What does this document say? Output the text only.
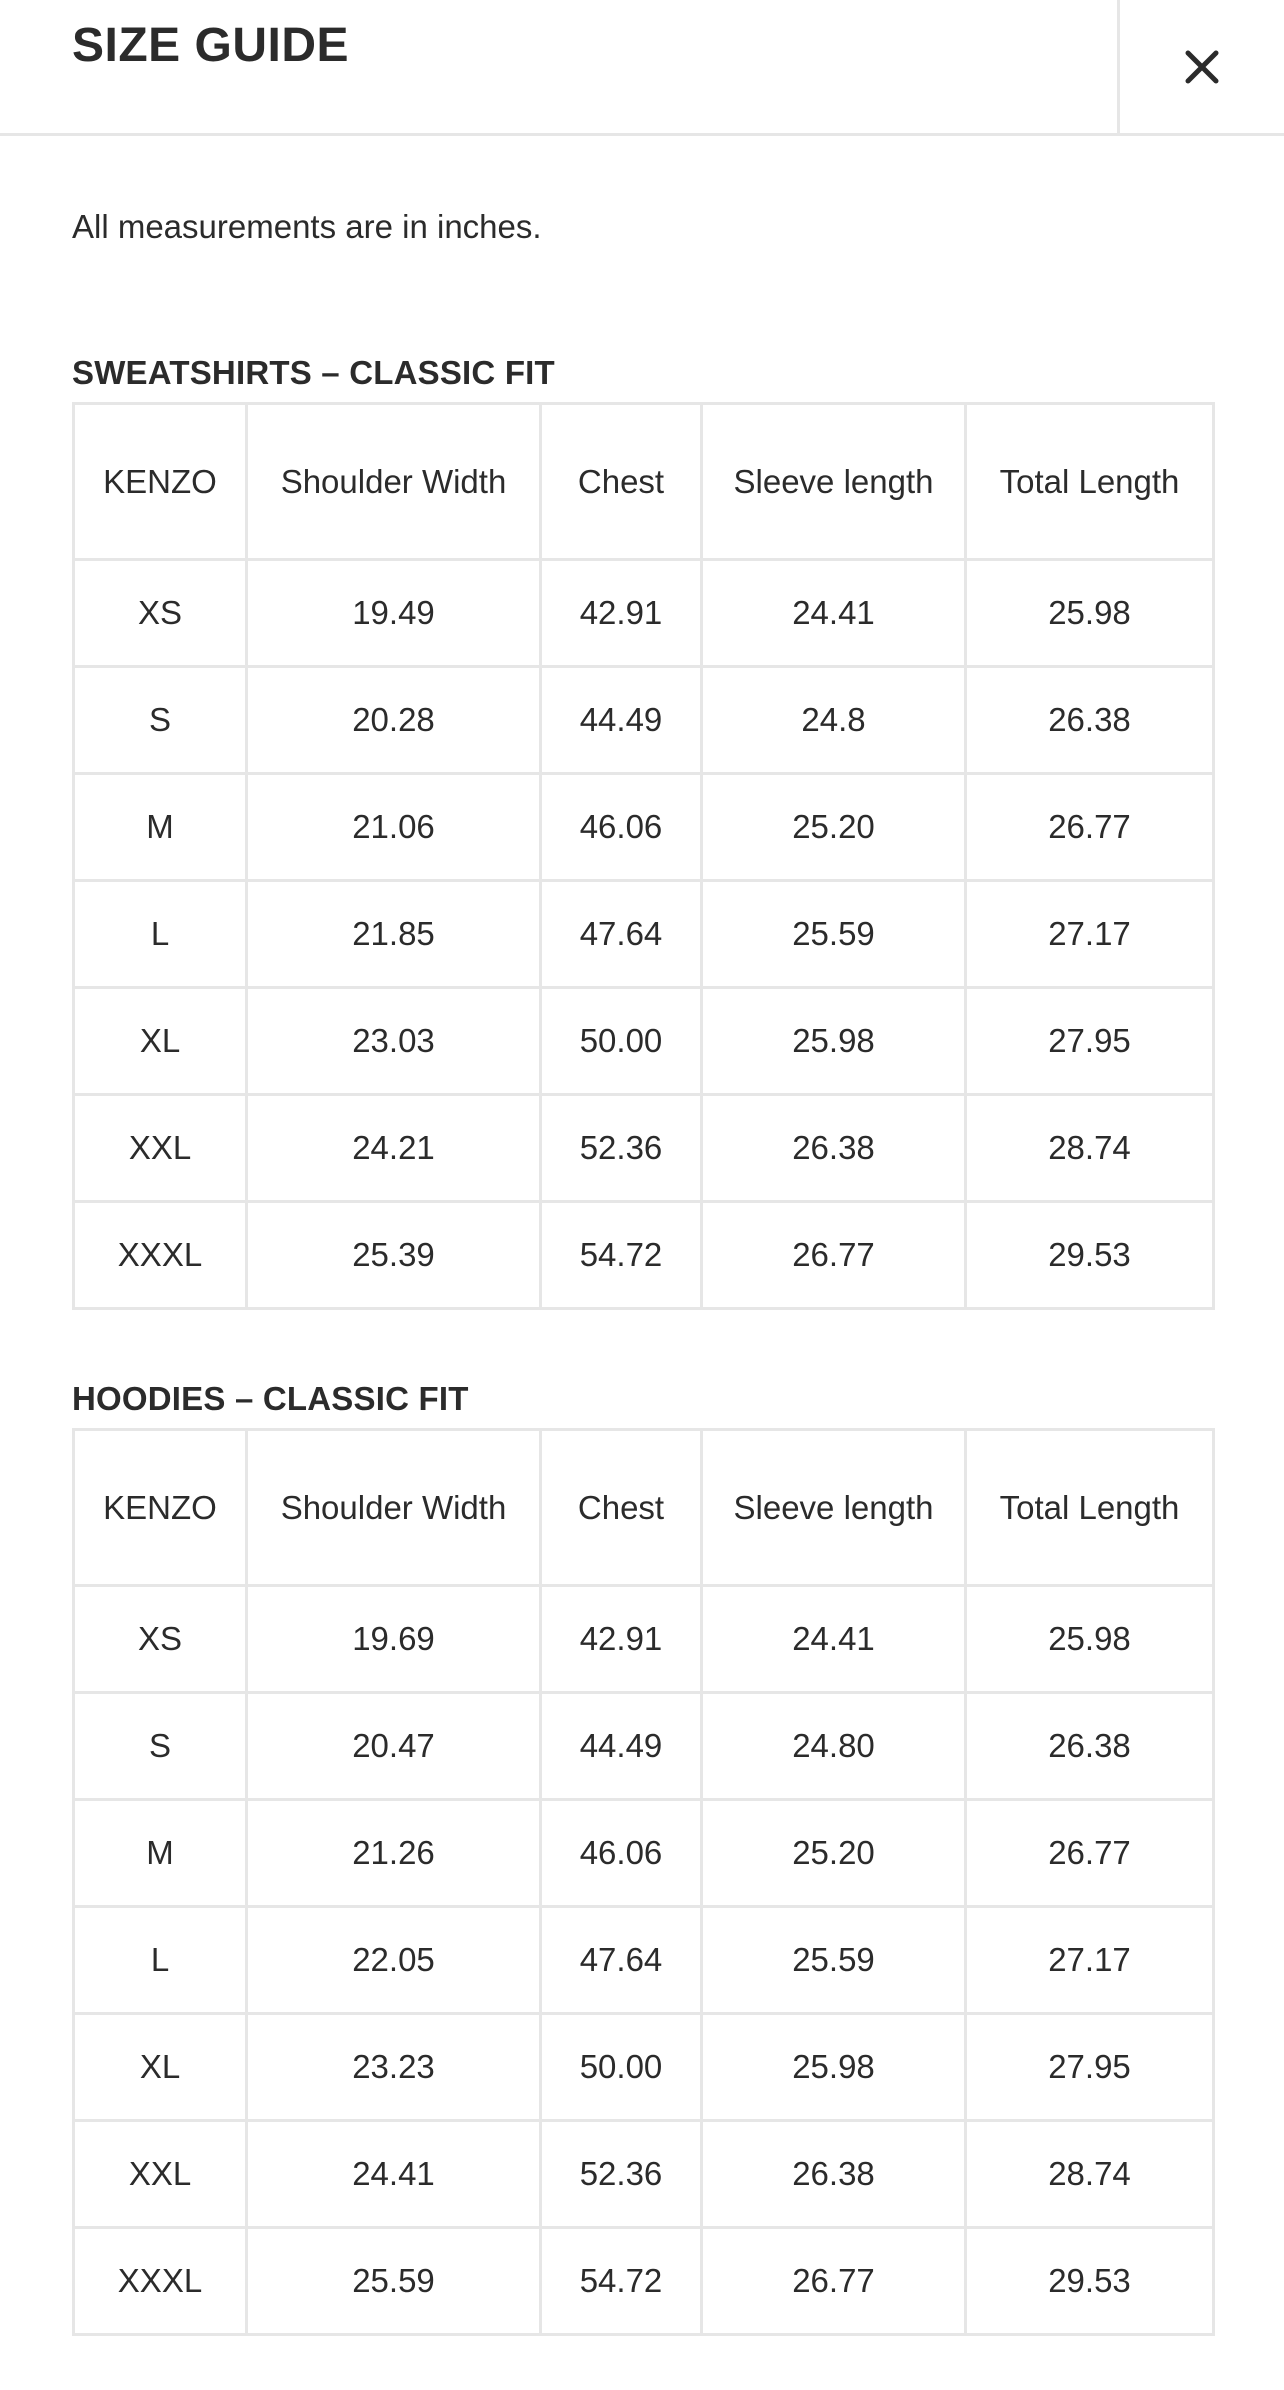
SIZE GUIDE
All measurements are in inches.
SWEATSHIRTS – CLASSIC FIT
KENZO	Shoulder Width	Chest	Sleeve length	Total Length
XS	19.49	42.91	24.41	25.98
S	20.28	44.49	24.8	26.38
M	21.06	46.06	25.20	26.77
L	21.85	47.64	25.59	27.17
XL	23.03	50.00	25.98	27.95
XXL	24.21	52.36	26.38	28.74
XXXL	25.39	54.72	26.77	29.53
HOODIES – CLASSIC FIT
KENZO	Shoulder Width	Chest	Sleeve length	Total Length
XS	19.69	42.91	24.41	25.98
S	20.47	44.49	24.80	26.38
M	21.26	46.06	25.20	26.77
L	22.05	47.64	25.59	27.17
XL	23.23	50.00	25.98	27.95
XXL	24.41	52.36	26.38	28.74
XXXL	25.59	54.72	26.77	29.53
